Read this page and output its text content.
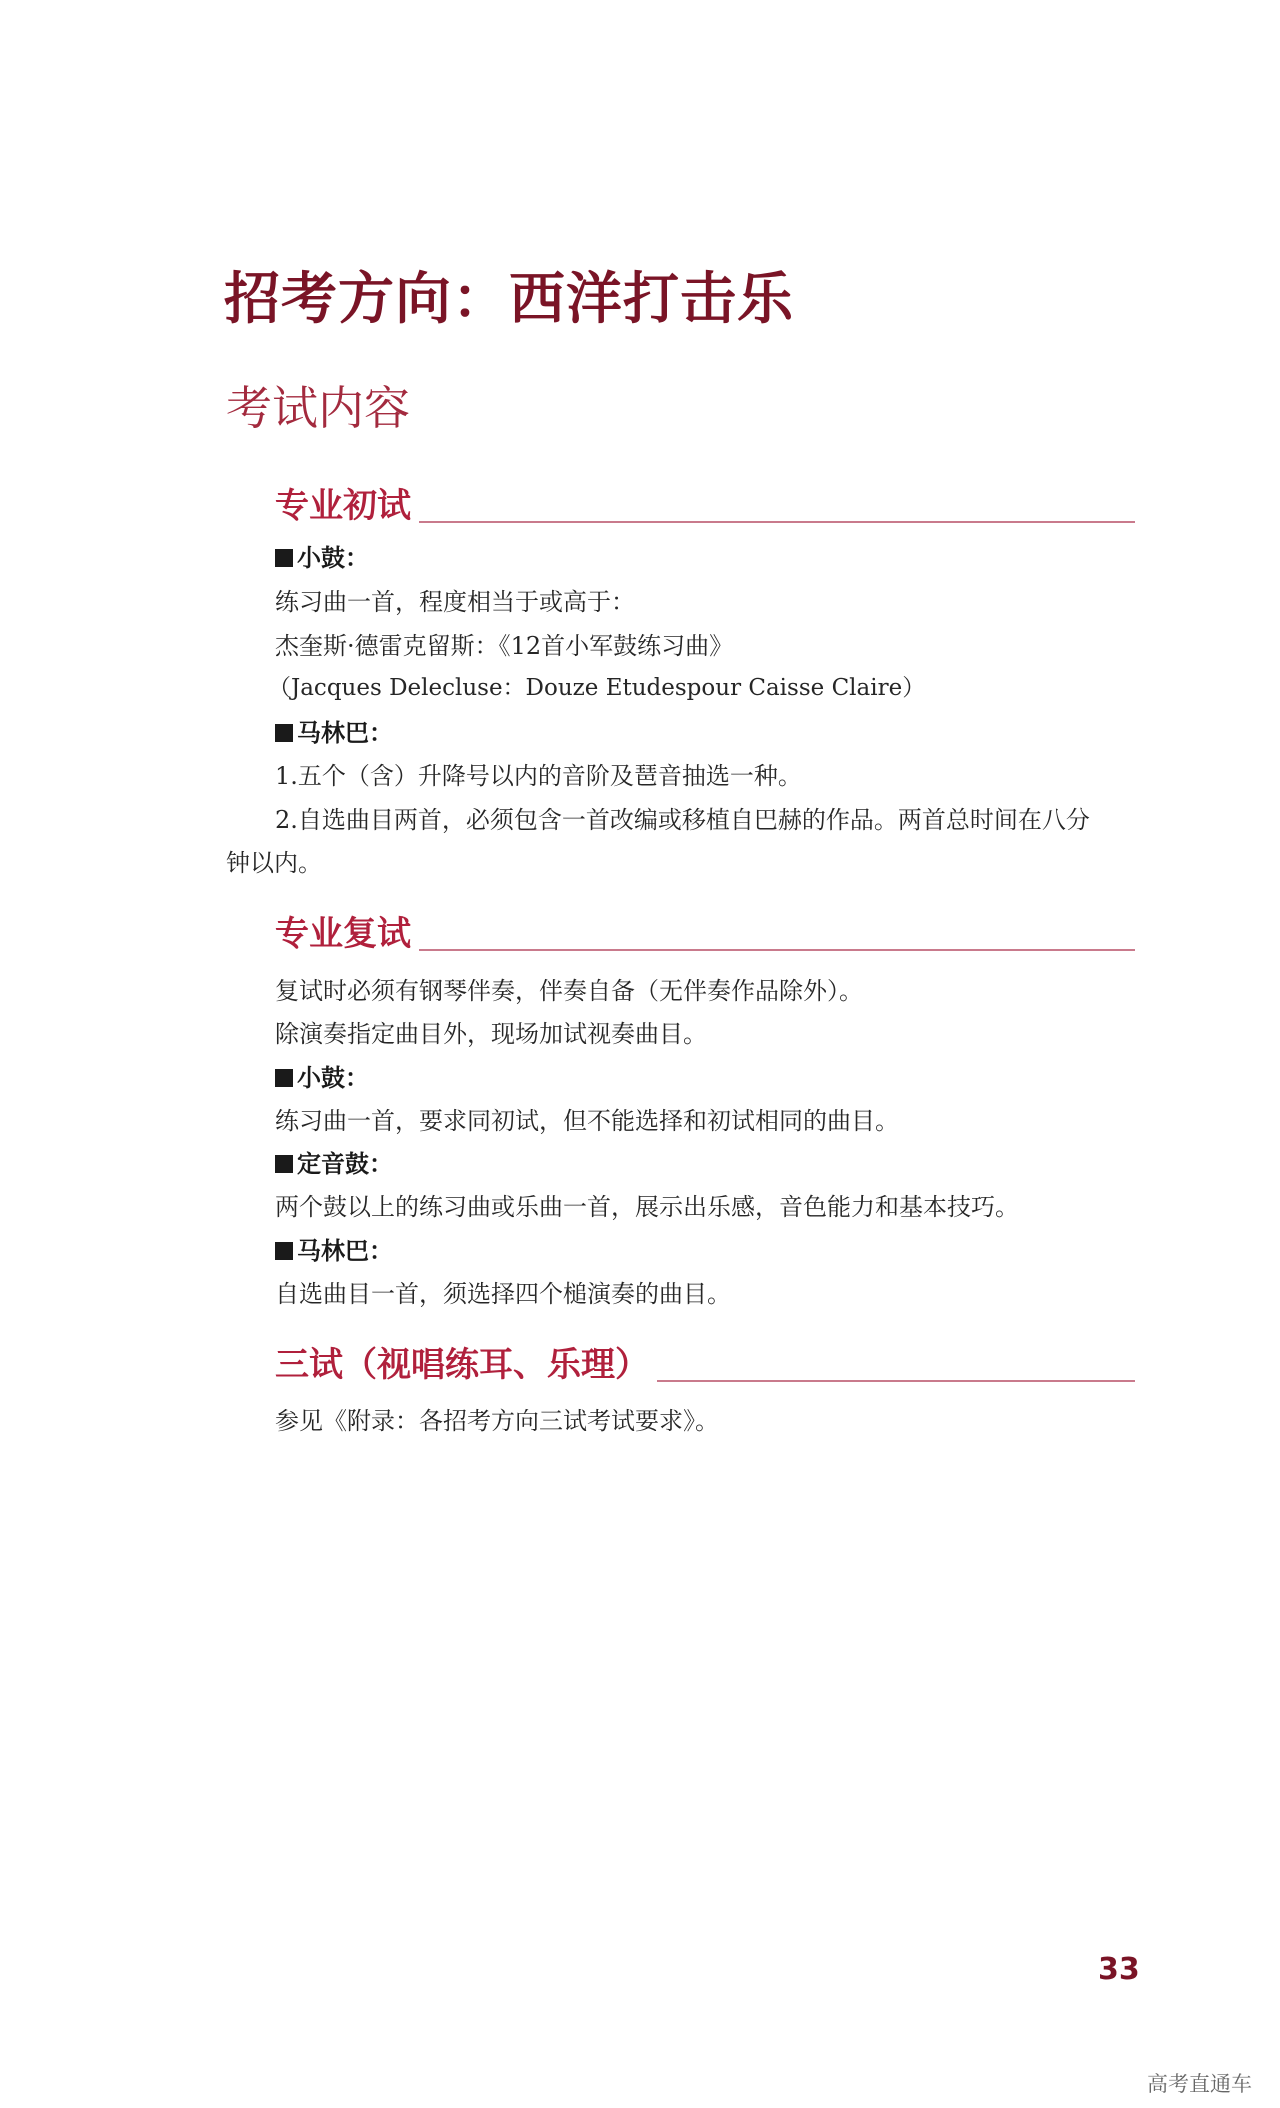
招考方向：西洋打击乐
考试内容
专业初试
小鼓：
练习曲一首，程度相当于或高于：
杰奎斯·德雷克留斯：《12首小军鼓练习曲》
（Jacques Delecluse：Douze Etudespour Caisse Claire）
马林巴：
1.五个（含）升降号以内的音阶及琶音抽选一种。
2.自选曲目两首，必须包含一首改编或移植自巴赫的作品。两首总时间在八分
钟以内。
专业复试
复试时必须有钢琴伴奏，伴奏自备（无伴奏作品除外）。
除演奏指定曲目外，现场加试视奏曲目。
小鼓：
练习曲一首，要求同初试，但不能选择和初试相同的曲目。
定音鼓：
两个鼓以上的练习曲或乐曲一首，展示出乐感，音色能力和基本技巧。
马林巴：
自选曲目一首，须选择四个槌演奏的曲目。
三试（视唱练耳、乐理）
参见《附录：各招考方向三试考试要求》。
33
高考直通车
